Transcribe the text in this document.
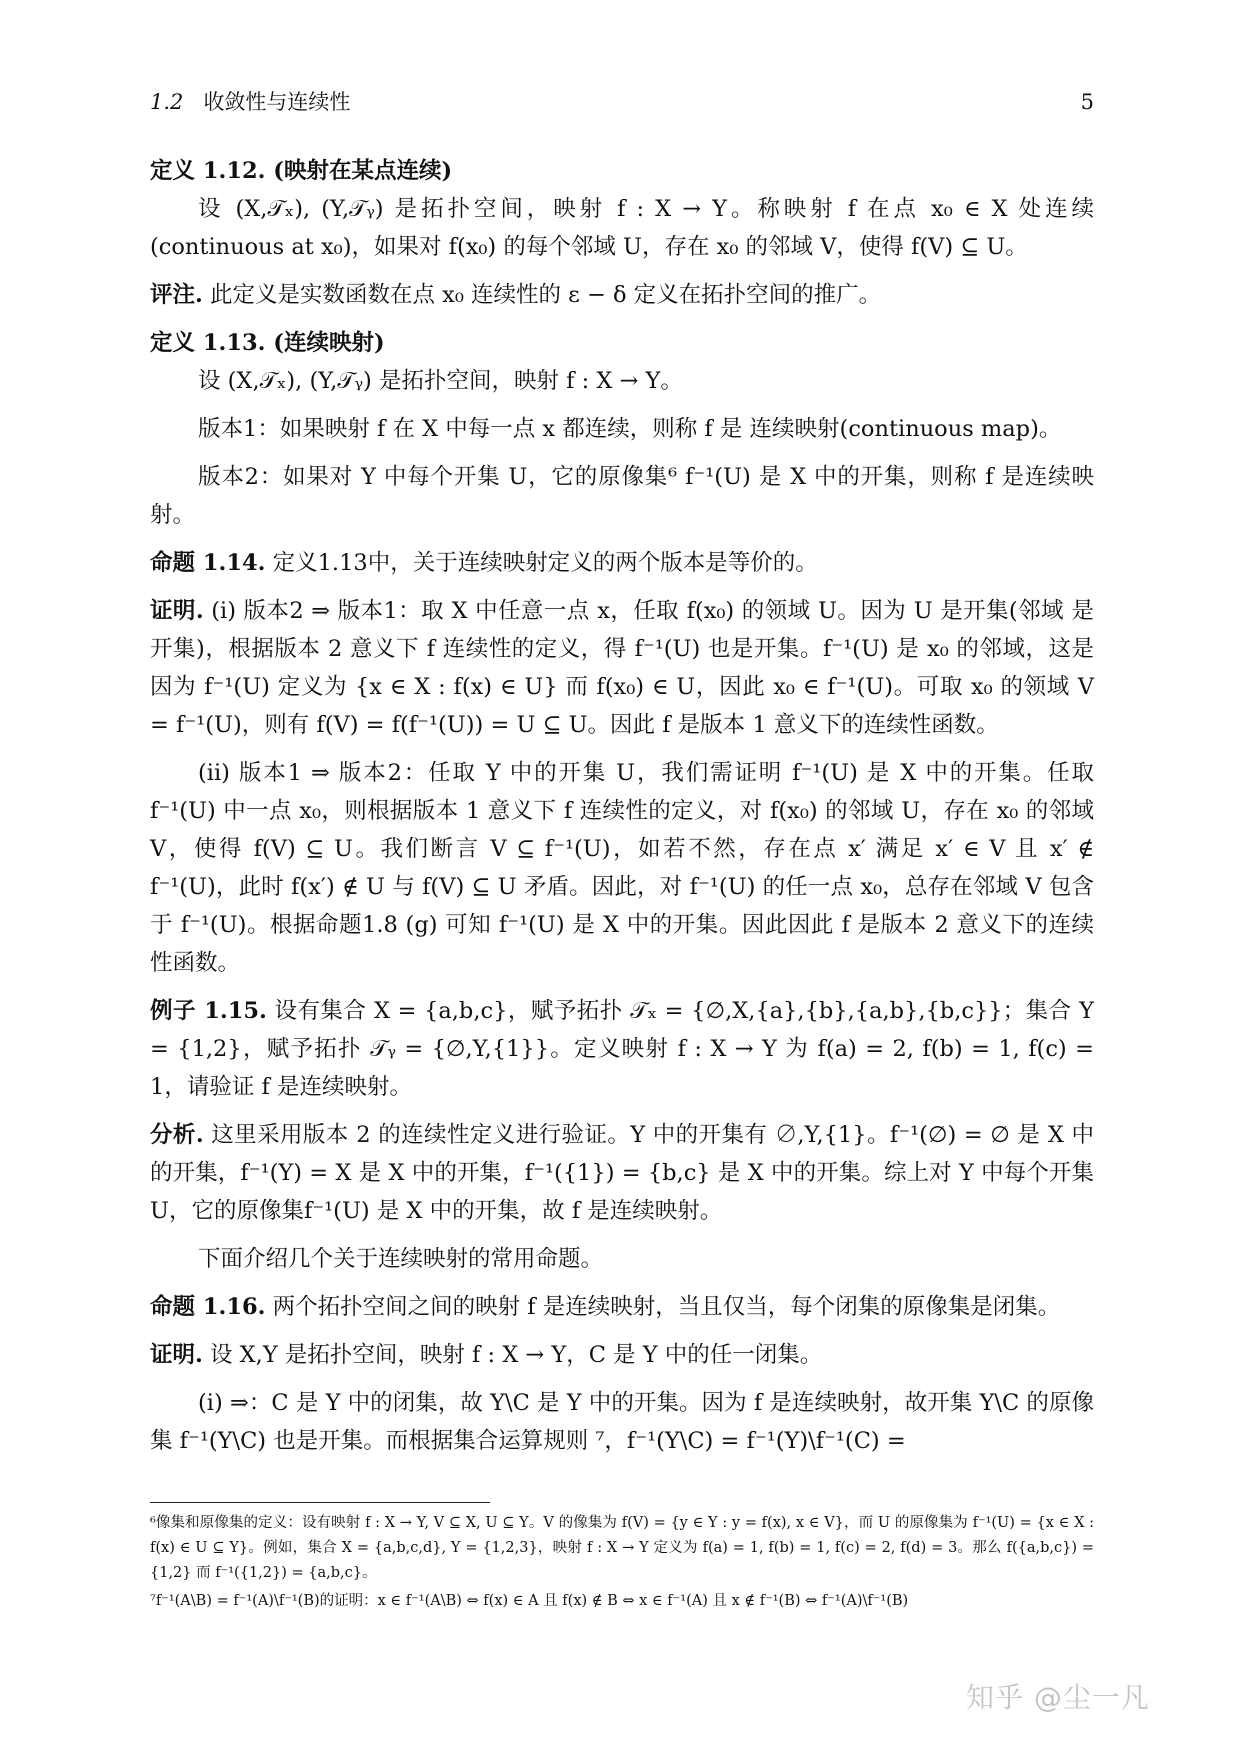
1.2 收敛性与连续性	5

定义 1.12. (映射在某点连续)

设 (X,𝒯ₓ), (Y,𝒯ᵧ) 是拓扑空间，映射 f : X → Y。称映射 f 在点 x₀ ∈ X 处连续(continuous at x₀)，如果对 f(x₀) 的每个邻域 U，存在 x₀ 的邻域 V，使得 f(V) ⊆ U。

评注. 此定义是实数函数在点 x₀ 连续性的 ε − δ 定义在拓扑空间的推广。

定义 1.13. (连续映射)

设 (X,𝒯ₓ), (Y,𝒯ᵧ) 是拓扑空间，映射 f : X → Y。

版本1：如果映射 f 在 X 中每一点 x 都连续，则称 f 是 连续映射(continuous map)。

版本2：如果对 Y 中每个开集 U，它的原像集⁶ f⁻¹(U) 是 X 中的开集，则称 f 是连续映射。

命题 1.14. 定义1.13中，关于连续映射定义的两个版本是等价的。

证明. (i) 版本2 ⇒ 版本1：取 X 中任意一点 x，任取 f(x₀) 的领域 U。因为 U 是开集(邻域 是开集)，根据版本 2 意义下 f 连续性的定义，得 f⁻¹(U) 也是开集。f⁻¹(U) 是 x₀ 的邻域，这是因为 f⁻¹(U) 定义为 {x ∈ X : f(x) ∈ U} 而 f(x₀) ∈ U，因此 x₀ ∈ f⁻¹(U)。可取 x₀ 的领域 V = f⁻¹(U)，则有 f(V) = f(f⁻¹(U)) = U ⊆ U。因此 f 是版本 1 意义下的连续性函数。

(ii) 版本1 ⇒ 版本2：任取 Y 中的开集 U，我们需证明 f⁻¹(U) 是 X 中的开集。任取 f⁻¹(U) 中一点 x₀，则根据版本 1 意义下 f 连续性的定义，对 f(x₀) 的邻域 U，存在 x₀ 的邻域 V，使得 f(V) ⊆ U。我们断言 V ⊆ f⁻¹(U)，如若不然，存在点 x′ 满足 x′ ∈ V 且 x′ ∉ f⁻¹(U)，此时 f(x′) ∉ U 与 f(V) ⊆ U 矛盾。因此，对 f⁻¹(U) 的任一点 x₀，总存在邻域 V 包含于 f⁻¹(U)。根据命题1.8 (g) 可知 f⁻¹(U) 是 X 中的开集。因此因此 f 是版本 2 意义下的连续性函数。

例子 1.15. 设有集合 X = {a,b,c}，赋予拓扑 𝒯ₓ = {∅,X,{a},{b},{a,b},{b,c}}；集合 Y = {1,2}，赋予拓扑 𝒯ᵧ = {∅,Y,{1}}。定义映射 f : X → Y 为 f(a) = 2, f(b) = 1, f(c) = 1，请验证 f 是连续映射。

分析. 这里采用版本 2 的连续性定义进行验证。Y 中的开集有 ∅,Y,{1}。f⁻¹(∅) = ∅ 是 X 中的开集，f⁻¹(Y) = X 是 X 中的开集，f⁻¹({1}) = {b,c} 是 X 中的开集。综上对 Y 中每个开集 U，它的原像集f⁻¹(U) 是 X 中的开集，故 f 是连续映射。

下面介绍几个关于连续映射的常用命题。

命题 1.16. 两个拓扑空间之间的映射 f 是连续映射，当且仅当，每个闭集的原像集是闭集。

证明. 设 X,Y 是拓扑空间，映射 f : X → Y，C 是 Y 中的任一闭集。

(i) ⇒：C 是 Y 中的闭集，故 Y\C 是 Y 中的开集。因为 f 是连续映射，故开集 Y\C 的原像集 f⁻¹(Y\C) 也是开集。而根据集合运算规则 ⁷，f⁻¹(Y\C) = f⁻¹(Y)\f⁻¹(C) =

⁶像集和原像集的定义：设有映射 f : X → Y, V ⊆ X, U ⊆ Y。V 的像集为 f(V) = {y ∈ Y : y = f(x), x ∈ V}，而 U 的原像集为 f⁻¹(U) = {x ∈ X : f(x) ∈ U ⊆ Y}。例如，集合 X = {a,b,c,d}, Y = {1,2,3}，映射 f : X → Y 定义为 f(a) = 1, f(b) = 1, f(c) = 2, f(d) = 3。那么 f({a,b,c}) = {1,2} 而 f⁻¹({1,2}) = {a,b,c}。

⁷f⁻¹(A\B) = f⁻¹(A)\f⁻¹(B)的证明：x ∈ f⁻¹(A\B) ⇔ f(x) ∈ A 且 f(x) ∉ B ⇔ x ∈ f⁻¹(A) 且 x ∉ f⁻¹(B) ⇔ f⁻¹(A)\f⁻¹(B)

知乎 @尘一凡
